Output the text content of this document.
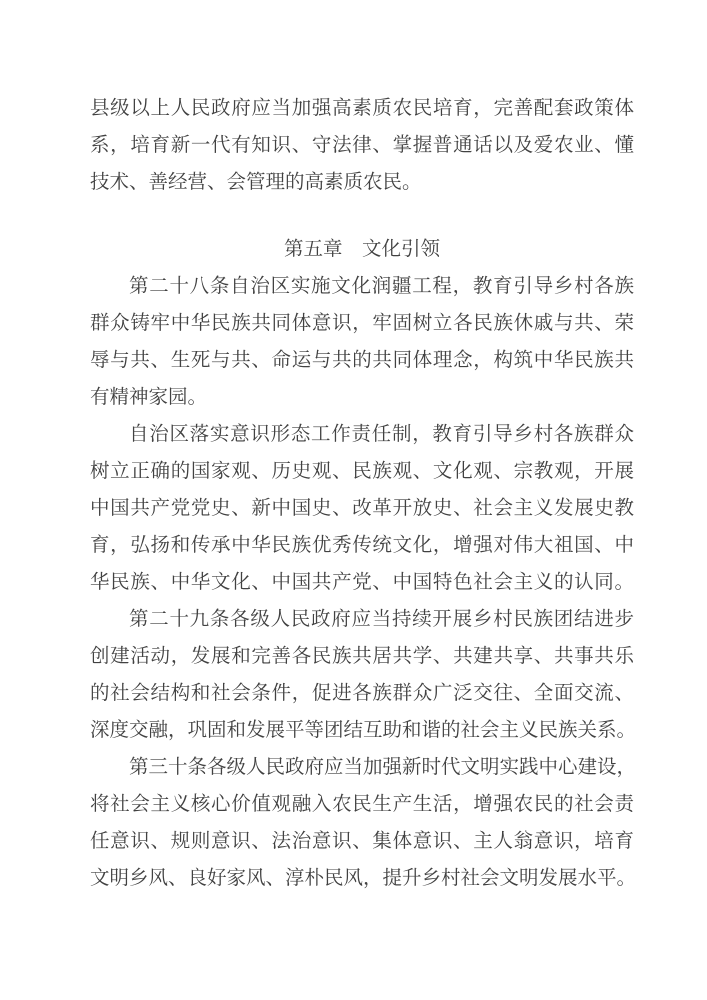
县级以上人民政府应当加强高素质农民培育，完善配套政策体
系，培育新一代有知识、守法律、掌握普通话以及爱农业、懂
技术、善经营、会管理的高素质农民。
第五章　文化引领
第二十八条自治区实施文化润疆工程，教育引导乡村各族
群众铸牢中华民族共同体意识，牢固树立各民族休戚与共、荣
辱与共、生死与共、命运与共的共同体理念，构筑中华民族共
有精神家园。
自治区落实意识形态工作责任制，教育引导乡村各族群众
树立正确的国家观、历史观、民族观、文化观、宗教观，开展
中国共产党党史、新中国史、改革开放史、社会主义发展史教
育，弘扬和传承中华民族优秀传统文化，增强对伟大祖国、中
华民族、中华文化、中国共产党、中国特色社会主义的认同。
第二十九条各级人民政府应当持续开展乡村民族团结进步
创建活动，发展和完善各民族共居共学、共建共享、共事共乐
的社会结构和社会条件，促进各族群众广泛交往、全面交流、
深度交融，巩固和发展平等团结互助和谐的社会主义民族关系。
第三十条各级人民政府应当加强新时代文明实践中心建设，
将社会主义核心价值观融入农民生产生活，增强农民的社会责
任意识、规则意识、法治意识、集体意识、主人翁意识，培育
文明乡风、良好家风、淳朴民风，提升乡村社会文明发展水平。
